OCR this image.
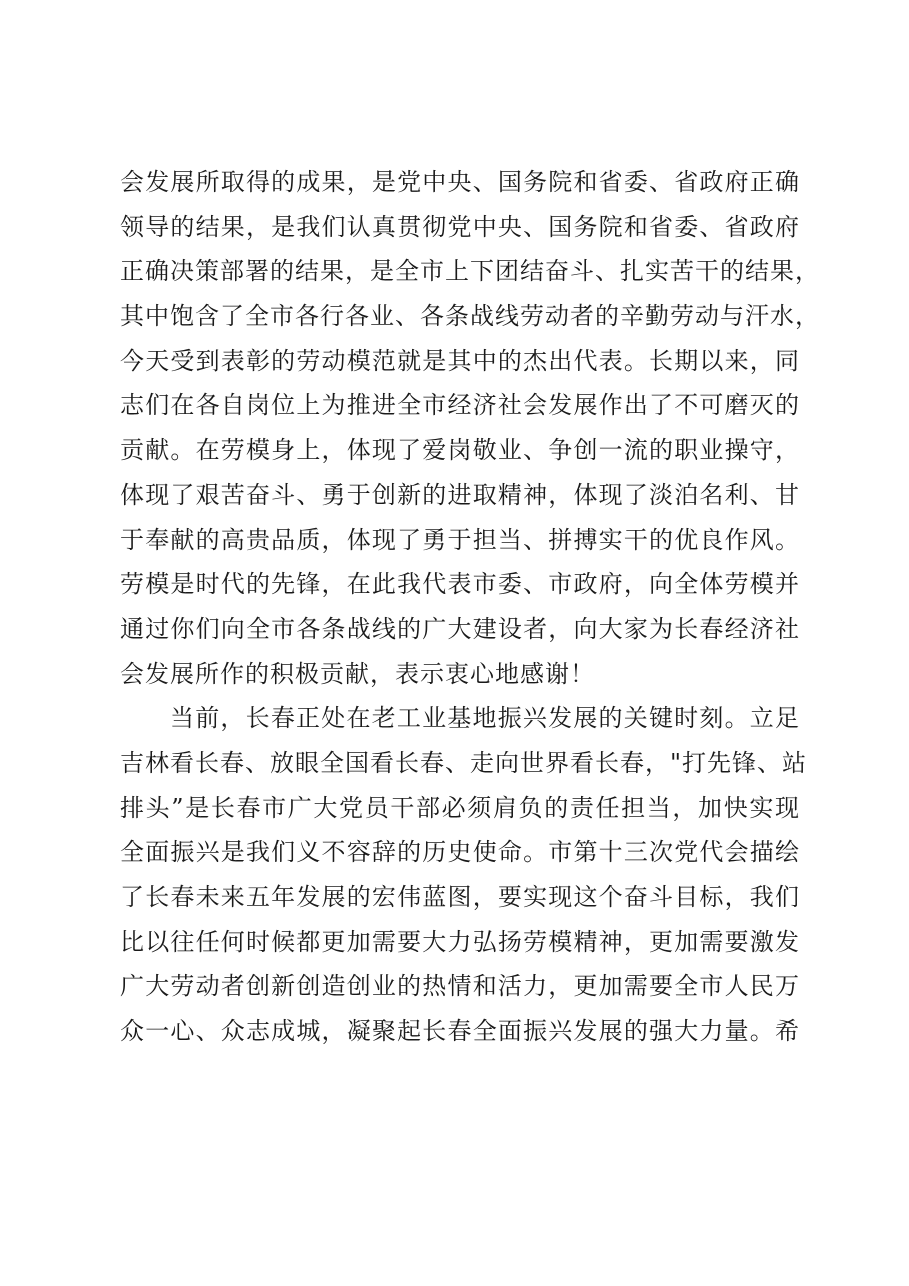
会发展所取得的成果，是党中央、国务院和省委、省政府正确
领导的结果，是我们认真贯彻党中央、国务院和省委、省政府
正确决策部署的结果，是全市上下团结奋斗、扎实苦干的结果，
其中饱含了全市各行各业、各条战线劳动者的辛勤劳动与汗水，
今天受到表彰的劳动模范就是其中的杰出代表。长期以来，同
志们在各自岗位上为推进全市经济社会发展作出了不可磨灭的
贡献。在劳模身上，体现了爱岗敬业、争创一流的职业操守，
体现了艰苦奋斗、勇于创新的进取精神，体现了淡泊名利、甘
于奉献的高贵品质，体现了勇于担当、拼搏实干的优良作风。
劳模是时代的先锋，在此我代表市委、市政府，向全体劳模并
通过你们向全市各条战线的广大建设者，向大家为长春经济社
会发展所作的积极贡献，表示衷心地感谢！
当前，长春正处在老工业基地振兴发展的关键时刻。立足
吉林看长春、放眼全国看长春、走向世界看长春，"打先锋、站
排头”是长春市广大党员干部必须肩负的责任担当，加快实现
全面振兴是我们义不容辞的历史使命。市第十三次党代会描绘
了长春未来五年发展的宏伟蓝图，要实现这个奋斗目标，我们
比以往任何时候都更加需要大力弘扬劳模精神，更加需要激发
广大劳动者创新创造创业的热情和活力，更加需要全市人民万
众一心、众志成城，凝聚起长春全面振兴发展的强大力量。希
